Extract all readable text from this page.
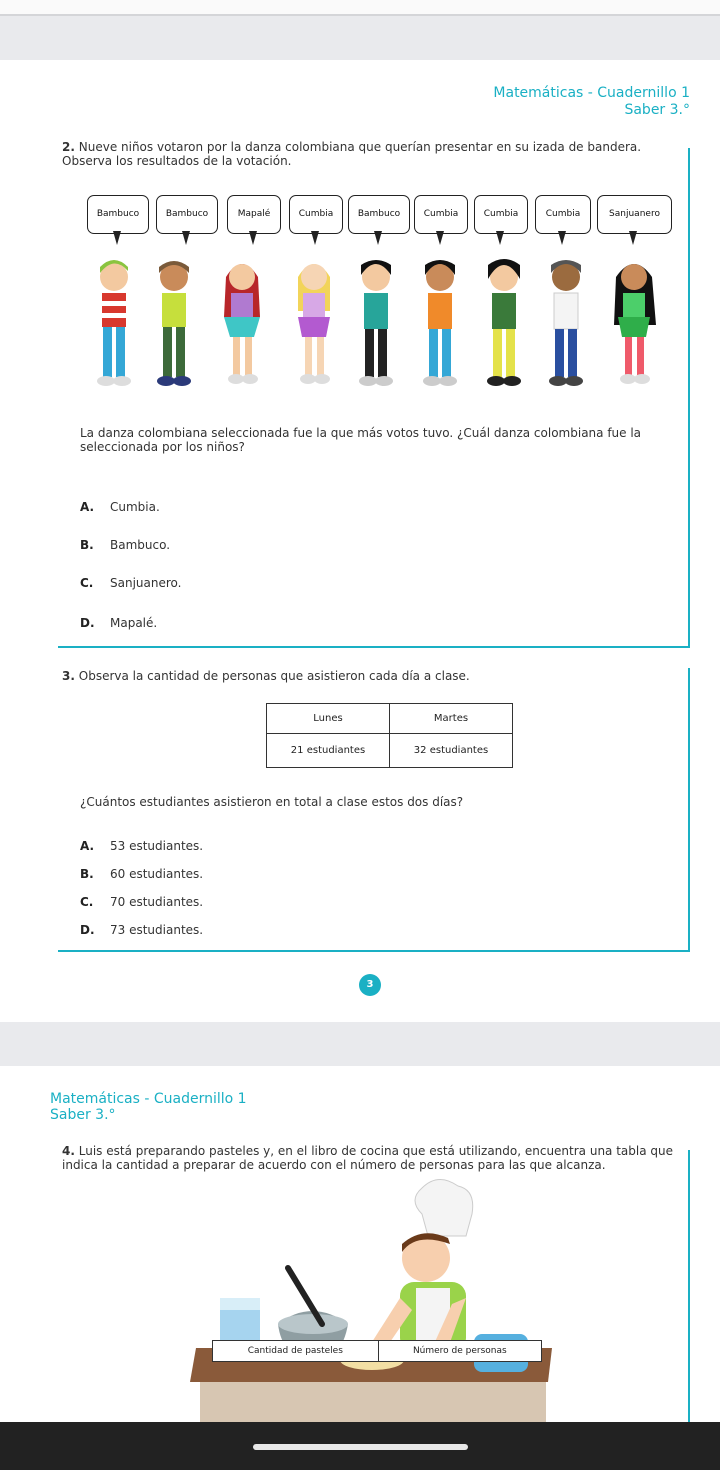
Matemáticas - Cuadernillo 1
Saber 3.°
2. Nueve niños votaron por la danza colombiana que querían presentar en su izada de bandera. Observa los resultados de la votación.
Bambuco	Bambuco	Mapalé	Cumbia	Bambuco	Cumbia	Cumbia	Cumbia	Sanjuanero
La danza colombiana seleccionada fue la que más votos tuvo. ¿Cuál danza colombiana fue la seleccionada por los niños?
A. Cumbia.
B. Bambuco.
C. Sanjuanero.
D. Mapalé.
3. Observa la cantidad de personas que asistieron cada día a clase.
Lunes	Martes
21 estudiantes	32 estudiantes
¿Cuántos estudiantes asistieron en total a clase estos dos días?
A. 53 estudiantes.
B. 60 estudiantes.
C. 70 estudiantes.
D. 73 estudiantes.
3
Matemáticas - Cuadernillo 1
Saber 3.°
4. Luis está preparando pasteles y, en el libro de cocina que está utilizando, encuentra una tabla que indica la cantidad a preparar de acuerdo con el número de personas para las que alcanza.
Cantidad de pasteles	Número de personas
